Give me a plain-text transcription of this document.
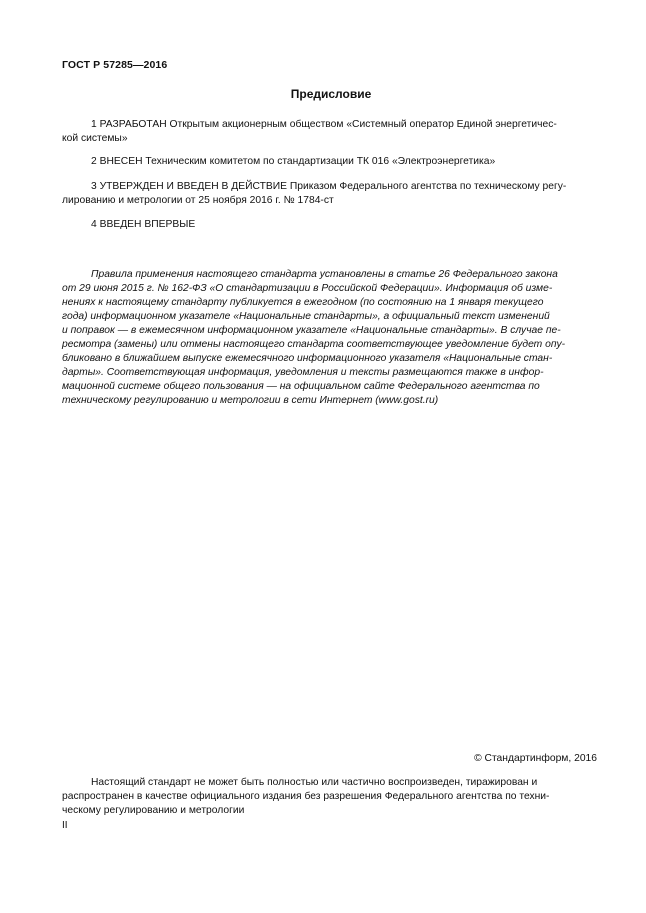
ГОСТ Р 57285—2016
Предисловие
1 РАЗРАБОТАН Открытым акционерным обществом «Системный оператор Единой энергетичес-
кой системы»
2 ВНЕСЕН Техническим комитетом по стандартизации ТК 016 «Электроэнергетика»
3 УТВЕРЖДЕН И ВВЕДЕН В ДЕЙСТВИЕ Приказом Федерального агентства по техническому регу-
лированию и метрологии от 25 ноября 2016 г. № 1784-ст
4 ВВЕДЕН ВПЕРВЫЕ
Правила применения настоящего стандарта установлены в статье 26 Федерального закона
от 29 июня 2015 г. № 162-ФЗ «О стандартизации в Российской Федерации». Информация об изме-
нениях к настоящему стандарту публикуется в ежегодном (по состоянию на 1 января текущего
года) информационном указателе «Национальные стандарты», а официальный текст изменений
и поправок — в ежемесячном информационном указателе «Национальные стандарты». В случае пе-
ресмотра (замены) или отмены настоящего стандарта соответствующее уведомление будет опу-
бликовано в ближайшем выпуске ежемесячного информационного указателя «Национальные стан-
дарты». Соответствующая информация, уведомления и тексты размещаются также в инфор-
мационной системе общего пользования — на официальном сайте Федерального агентства по
техническому регулированию и метрологии в сети Интернет (www.gost.ru)
© Стандартинформ, 2016
Настоящий стандарт не может быть полностью или частично воспроизведен, тиражирован и
распространен в качестве официального издания без разрешения Федерального агентства по техни-
ческому регулированию и метрологии
II
